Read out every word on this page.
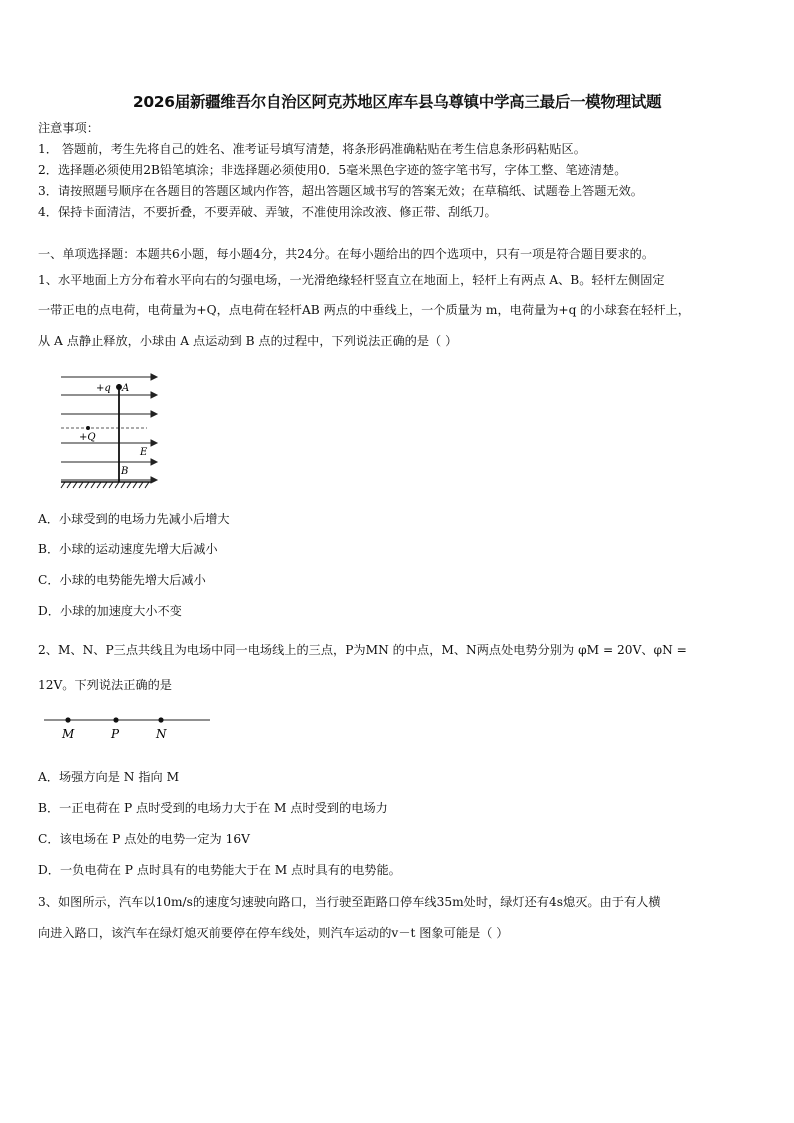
2026届新疆维吾尔自治区阿克苏地区库车县乌尊镇中学高三最后一模物理试题
注意事项：
1． 答题前，考生先将自己的姓名、准考证号填写清楚，将条形码准确粘贴在考生信息条形码粘贴区。
2．选择题必须使用2B铅笔填涂；非选择题必须使用0．5毫米黑色字迹的签字笔书写，字体工整、笔迹清楚。
3．请按照题号顺序在各题目的答题区域内作答，超出答题区域书写的答案无效；在草稿纸、试题卷上答题无效。
4．保持卡面清洁，不要折叠，不要弄破、弄皱，不准使用涂改液、修正带、刮纸刀。
一、单项选择题：本题共6小题，每小题4分，共24分。在每小题给出的四个选项中，只有一项是符合题目要求的。
1、水平地面上方分布着水平向右的匀强电场，一光滑绝缘轻杆竖直立在地面上，轻杆上有两点 A、B。轻杆左侧固定
一带正电的点电荷，电荷量为+Q，点电荷在轻杆AB 两点的中垂线上，一个质量为 m，电荷量为+q 的小球套在轻杆上，
从 A 点静止释放，小球由 A 点运动到 B 点的过程中，下列说法正确的是（ ）
+q A
+Q
E
B
A．小球受到的电场力先减小后增大
B．小球的运动速度先增大后减小
C．小球的电势能先增大后减小
D．小球的加速度大小不变
2、M、N、P三点共线且为电场中同一电场线上的三点，P为MN 的中点，M、N两点处电势分别为 φM = 20V、φN =
12V。下列说法正确的是
M	P	N
A．场强方向是 N 指向 M
B．一正电荷在 P 点时受到的电场力大于在 M 点时受到的电场力
C．该电场在 P 点处的电势一定为 16V
D．一负电荷在 P 点时具有的电势能大于在 M 点时具有的电势能。
3、如图所示，汽车以10m/s的速度匀速驶向路口，当行驶至距路口停车线35m处时，绿灯还有4s熄灭。由于有人横
向进入路口，该汽车在绿灯熄灭前要停在停车线处，则汽车运动的v－t 图象可能是（ ）
